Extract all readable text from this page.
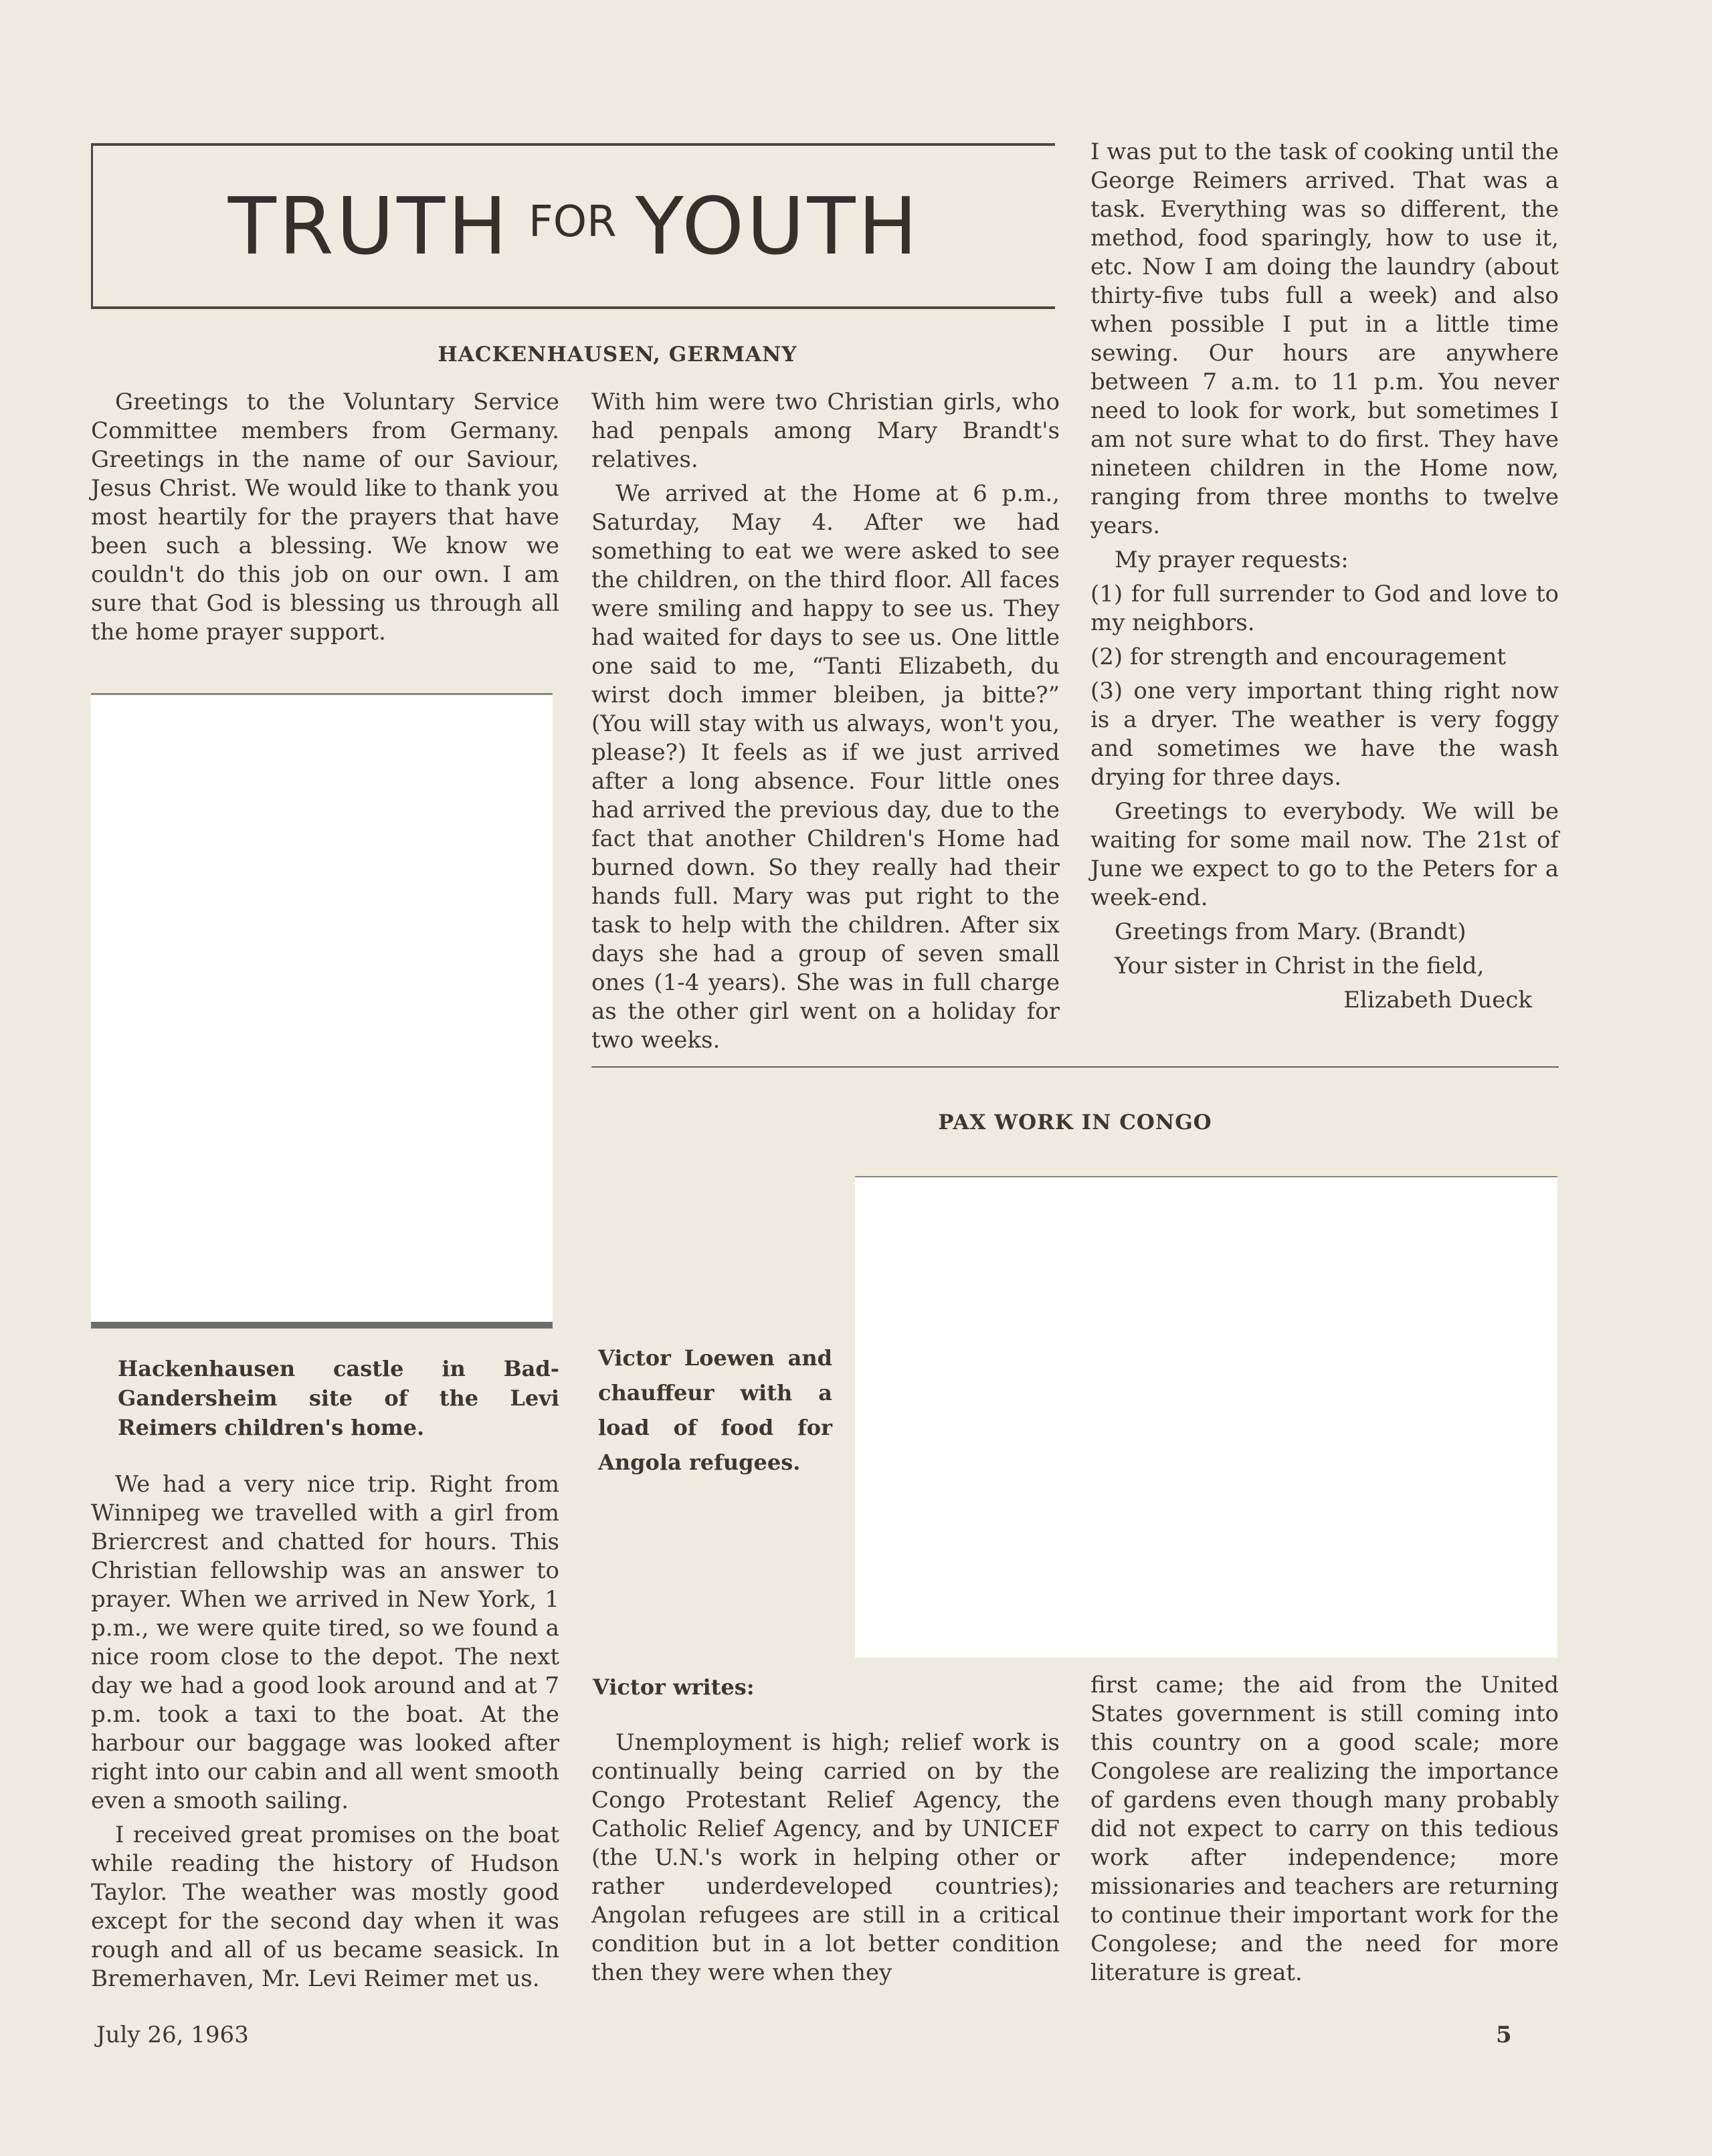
TRUTH FOR YOUTH
HACKENHAUSEN, GERMANY

Greetings to the Voluntary Service Committee members from Germany. Greetings in the name of our Saviour, Jesus Christ. We would like to thank you most heartily for the prayers that have been such a blessing. We know we couldn't do this job on our own. I am sure that God is blessing us through all the home prayer support.

Hackenhausen castle in Bad-Gandersheim site of the Levi Reimers children's home.

We had a very nice trip. Right from Winnipeg we travelled with a girl from Briercrest and chatted for hours. This Christian fellowship was an answer to prayer. When we arrived in New York, 1 p.m., we were quite tired, so we found a nice room close to the depot. The next day we had a good look around and at 7 p.m. took a taxi to the boat. At the harbour our baggage was looked after right into our cabin and all went smooth even a smooth sailing.

I received great promises on the boat while reading the history of Hudson Taylor. The weather was mostly good except for the second day when it was rough and all of us became seasick. In Bremerhaven, Mr. Levi Reimer met us.

With him were two Christian girls, who had penpals among Mary Brandt's relatives.

We arrived at the Home at 6 p.m., Saturday, May 4. After we had something to eat we were asked to see the children, on the third floor. All faces were smiling and happy to see us. They had waited for days to see us. One little one said to me, “Tanti Elizabeth, du wirst doch immer bleiben, ja bitte?” (You will stay with us always, won't you, please?) It feels as if we just arrived after a long absence. Four little ones had arrived the previous day, due to the fact that another Children's Home had burned down. So they really had their hands full. Mary was put right to the task to help with the children. After six days she had a group of seven small ones (1-4 years). She was in full charge as the other girl went on a holiday for two weeks.

I was put to the task of cooking until the George Reimers arrived. That was a task. Everything was so different, the method, food sparingly, how to use it, etc. Now I am doing the laundry (about thirty-five tubs full a week) and also when possible I put in a little time sewing. Our hours are anywhere between 7 a.m. to 11 p.m. You never need to look for work, but sometimes I am not sure what to do first. They have nineteen children in the Home now, ranging from three months to twelve years.

My prayer requests:

(1) for full surrender to God and love to my neighbors.

(2) for strength and encouragement

(3) one very important thing right now is a dryer. The weather is very foggy and sometimes we have the wash drying for three days.

Greetings to everybody. We will be waiting for some mail now. The 21st of June we expect to go to the Peters for a week-end.

Greetings from Mary. (Brandt)

Your sister in Christ in the field,

Elizabeth Dueck

PAX WORK IN CONGO
Victor Loewen and chauffeur with a load of food for Angola refugees.
Victor writes:

Unemployment is high; relief work is continually being carried on by the Congo Protestant Relief Agency, the Catholic Relief Agency, and by UNICEF (the U.N.'s work in helping other or rather underdeveloped countries); Angolan refugees are still in a critical condition but in a lot better condition then they were when they

first came; the aid from the United States government is still coming into this country on a good scale; more Congolese are realizing the importance of gardens even though many probably did not expect to carry on this tedious work after independence; more missionaries and teachers are returning to continue their important work for the Congolese; and the need for more literature is great.

July 26, 1963	5
